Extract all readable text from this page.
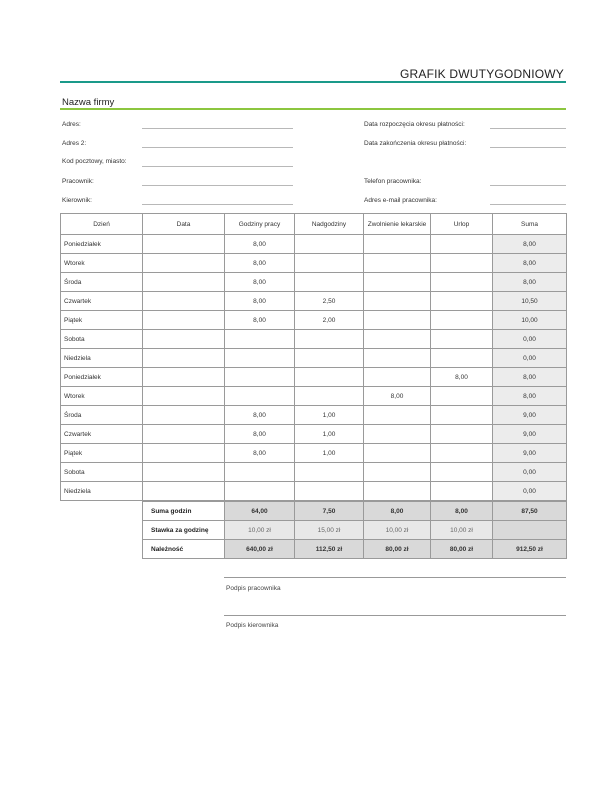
GRAFIK DWUTYGODNIOWY
Nazwa firmy
Adres:
Adres 2:
Kod pocztowy, miasto:
Pracownik:
Kierownik:
Data rozpoczęcia okresu płatności:
Data zakończenia okresu płatności:
Telefon pracownika:
Adres e-mail pracownika:
Dzień	Data	Godziny pracy	Nadgodziny	Zwolnienie lekarskie	Urlop	Suma
Poniedziałek		8,00				8,00
Wtorek		8,00				8,00
Środa		8,00				8,00
Czwartek		8,00	2,50			10,50
Piątek		8,00	2,00			10,00
Sobota						0,00
Niedziela						0,00
Poniedziałek					8,00	8,00
Wtorek				8,00		8,00
Środa		8,00	1,00			9,00
Czwartek		8,00	1,00			9,00
Piątek		8,00	1,00			9,00
Sobota						0,00
Niedziela						0,00
Suma godzin	64,00	7,50	8,00	8,00	87,50
Stawka za godzinę	10,00 zł	15,00 zł	10,00 zł	10,00 zł	
Należność	640,00 zł	112,50 zł	80,00 zł	80,00 zł	912,50 zł
Podpis pracownika
Podpis kierownika
